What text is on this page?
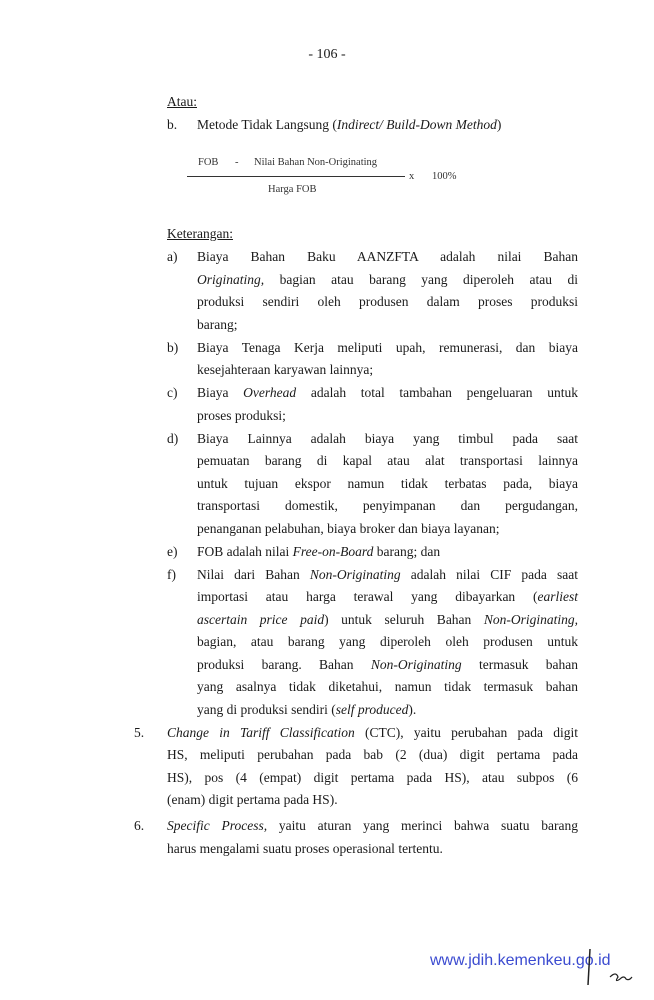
- 106 -
Atau:
b. Metode Tidak Langsung (Indirect/ Build-Down Method)
FOB - Nilai Bahan Non-Originating
x 100%
Harga FOB
Keterangan:
a) Biaya Bahan Baku AANZFTA adalah nilai Bahan
Originating, bagian atau barang yang diperoleh atau di
produksi sendiri oleh produsen dalam proses produksi
barang;
b) Biaya Tenaga Kerja meliputi upah, remunerasi, dan biaya
kesejahteraan karyawan lainnya;
c) Biaya Overhead adalah total tambahan pengeluaran untuk
proses produksi;
d) Biaya Lainnya adalah biaya yang timbul pada saat
pemuatan barang di kapal atau alat transportasi lainnya
untuk tujuan ekspor namun tidak terbatas pada, biaya
transportasi domestik, penyimpanan dan pergudangan,
penanganan pelabuhan, biaya broker dan biaya layanan;
e) FOB adalah nilai Free-on-Board barang; dan
f) Nilai dari Bahan Non-Originating adalah nilai CIF pada saat
importasi atau harga terawal yang dibayarkan (earliest
ascertain price paid) untuk seluruh Bahan Non-Originating,
bagian, atau barang yang diperoleh oleh produsen untuk
produksi barang. Bahan Non-Originating termasuk bahan
yang asalnya tidak diketahui, namun tidak termasuk bahan
yang di produksi sendiri (self produced).
5. Change in Tariff Classification (CTC), yaitu perubahan pada digit
HS, meliputi perubahan pada bab (2 (dua) digit pertama pada
HS), pos (4 (empat) digit pertama pada HS), atau subpos (6
(enam) digit pertama pada HS).
6. Specific Process, yaitu aturan yang merinci bahwa suatu barang
harus mengalami suatu proses operasional tertentu.
www.jdih.kemenkeu.go.id
